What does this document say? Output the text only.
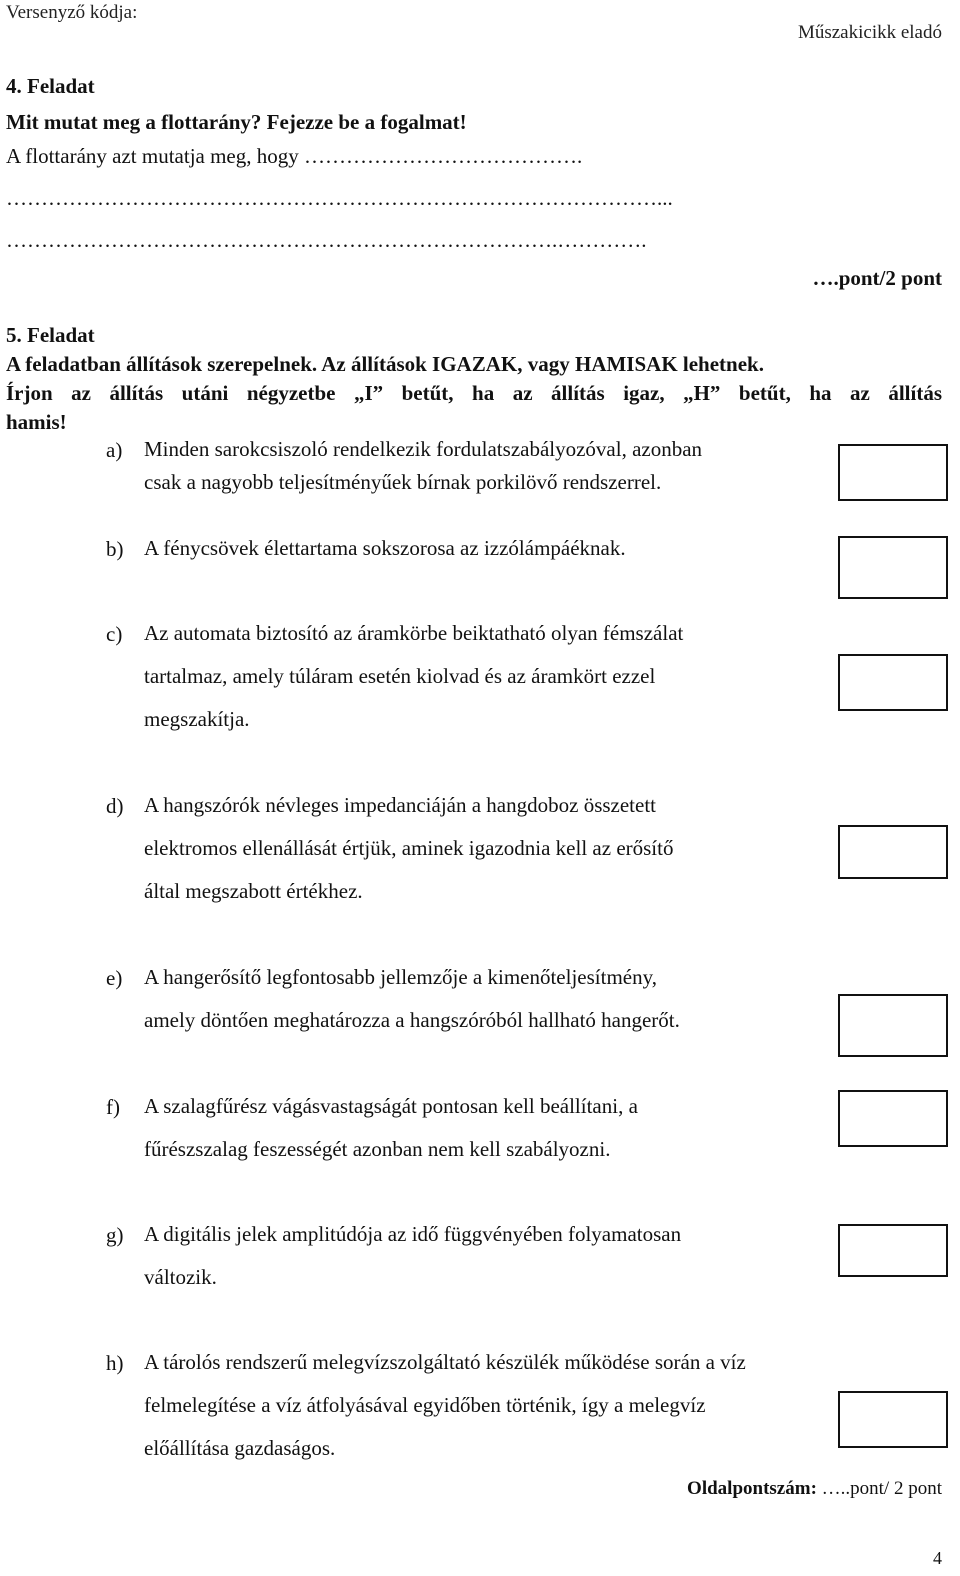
Versenyző kódja:
Műszakicikk eladó
4. Feladat
Mit mutat meg a flottarány? Fejezze be a fogalmat!
A flottarány azt mutatja meg, hogy ………………………………….
…………………………………………………………………………………...
…………………………………………………………………….………….
….pont/2 pont
5. Feladat
A feladatban állítások szerepelnek. Az állítások IGAZAK, vagy HAMISAK lehetnek.
Írjon az állítás utáni négyzetbe „I” betűt, ha az állítás igaz, „H” betűt, ha az állítás
hamis!
a) Minden sarokcsiszoló rendelkezik fordulatszabályozóval, azonban
csak a nagyobb teljesítményűek bírnak porkilövő rendszerrel.
b) A fénycsövek élettartama sokszorosa az izzólámpáéknak.
c) Az automata biztosító az áramkörbe beiktatható olyan fémszálat
tartalmaz, amely túláram esetén kiolvad és az áramkört ezzel
megszakítja.
d) A hangszórók névleges impedanciáján a hangdoboz összetett
elektromos ellenállását értjük, aminek igazodnia kell az erősítő
által megszabott értékhez.
e) A hangerősítő legfontosabb jellemzője a kimenőteljesítmény,
amely döntően meghatározza a hangszóróból hallható hangerőt.
f) A szalagfűrész vágásvastagságát pontosan kell beállítani, a
fűrészszalag feszességét azonban nem kell szabályozni.
g) A digitális jelek amplitúdója az idő függvényében folyamatosan
változik.
h) A tárolós rendszerű melegvízszolgáltató készülék működése során a víz
felmelegítése a víz átfolyásával egyidőben történik, így a melegvíz
előállítása gazdaságos.
Oldalpontszám: …..pont/ 2 pont
4
